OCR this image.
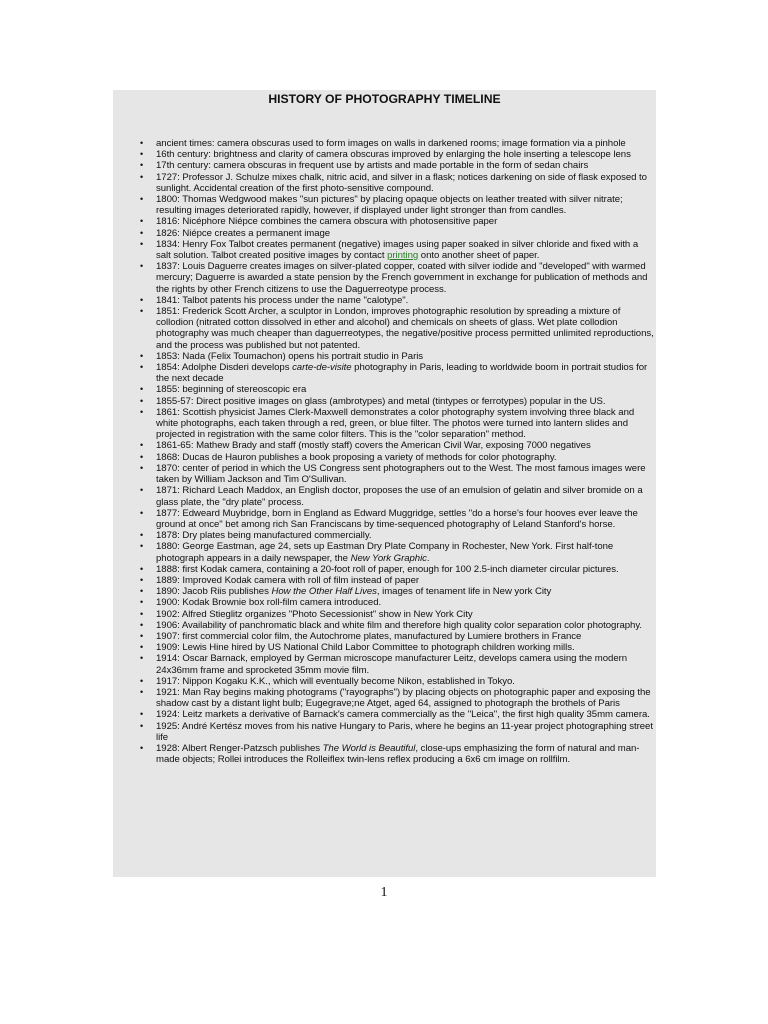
HISTORY OF PHOTOGRAPHY TIMELINE
• ancient times: camera obscuras used to form images on walls in darkened rooms; image formation via a pinhole
• 16th century: brightness and clarity of camera obscuras improved by enlarging the hole inserting a telescope lens
• 17th century: camera obscuras in frequent use by artists and made portable in the form of sedan chairs
• 1727: Professor J. Schulze mixes chalk, nitric acid, and silver in a flask; notices darkening on side of flask exposed to sunlight. Accidental creation of the first photo-sensitive compound.
• 1800: Thomas Wedgwood makes "sun pictures" by placing opaque objects on leather treated with silver nitrate; resulting images deteriorated rapidly, however, if displayed under light stronger than from candles.
• 1816: Nicéphore Niépce combines the camera obscura with photosensitive paper
• 1826: Niépce creates a permanent image
• 1834: Henry Fox Talbot creates permanent (negative) images using paper soaked in silver chloride and fixed with a salt solution. Talbot created positive images by contact printing onto another sheet of paper.
• 1837: Louis Daguerre creates images on silver-plated copper, coated with silver iodide and "developed" with warmed mercury; Daguerre is awarded a state pension by the French government in exchange for publication of methods and the rights by other French citizens to use the Daguerreotype process.
• 1841: Talbot patents his process under the name "calotype".
• 1851: Frederick Scott Archer, a sculptor in London, improves photographic resolution by spreading a mixture of collodion (nitrated cotton dissolved in ether and alcohol) and chemicals on sheets of glass. Wet plate collodion photography was much cheaper than daguerreotypes, the negative/positive process permitted unlimited reproductions, and the process was published but not patented.
• 1853: Nada (Felix Toumachon) opens his portrait studio in Paris
• 1854: Adolphe Disderi develops carte-de-visite photography in Paris, leading to worldwide boom in portrait studios for the next decade
• 1855: beginning of stereoscopic era
• 1855-57: Direct positive images on glass (ambrotypes) and metal (tintypes or ferrotypes) popular in the US.
• 1861: Scottish physicist James Clerk-Maxwell demonstrates a color photography system involving three black and white photographs, each taken through a red, green, or blue filter. The photos were turned into lantern slides and projected in registration with the same color filters. This is the "color separation" method.
• 1861-65: Mathew Brady and staff (mostly staff) covers the American Civil War, exposing 7000 negatives
• 1868: Ducas de Hauron publishes a book proposing a variety of methods for color photography.
• 1870: center of period in which the US Congress sent photographers out to the West. The most famous images were taken by William Jackson and Tim O'Sullivan.
• 1871: Richard Leach Maddox, an English doctor, proposes the use of an emulsion of gelatin and silver bromide on a glass plate, the "dry plate" process.
• 1877: Edweard Muybridge, born in England as Edward Muggridge, settles "do a horse's four hooves ever leave the ground at once" bet among rich San Franciscans by time-sequenced photography of Leland Stanford's horse.
• 1878: Dry plates being manufactured commercially.
• 1880: George Eastman, age 24, sets up Eastman Dry Plate Company in Rochester, New York. First half-tone photograph appears in a daily newspaper, the New York Graphic.
• 1888: first Kodak camera, containing a 20-foot roll of paper, enough for 100 2.5-inch diameter circular pictures.
• 1889: Improved Kodak camera with roll of film instead of paper
• 1890: Jacob Riis publishes How the Other Half Lives, images of tenament life in New york City
• 1900: Kodak Brownie box roll-film camera introduced.
• 1902: Alfred Stieglitz organizes "Photo Secessionist" show in New York City
• 1906: Availability of panchromatic black and white film and therefore high quality color separation color photography.
• 1907: first commercial color film, the Autochrome plates, manufactured by Lumiere brothers in France
• 1909: Lewis Hine hired by US National Child Labor Committee to photograph children working mills.
• 1914: Oscar Barnack, employed by German microscope manufacturer Leitz, develops camera using the modern 24x36mm frame and sprocketed 35mm movie film.
• 1917: Nippon Kogaku K.K., which will eventually become Nikon, established in Tokyo.
• 1921: Man Ray begins making photograms ("rayographs") by placing objects on photographic paper and exposing the shadow cast by a distant light bulb; Eugegrave;ne Atget, aged 64, assigned to photograph the brothels of Paris
• 1924: Leitz markets a derivative of Barnack's camera commercially as the "Leica", the first high quality 35mm camera.
• 1925: André Kertész moves from his native Hungary to Paris, where he begins an 11-year project photographing street life
• 1928: Albert Renger-Patzsch publishes The World is Beautiful, close-ups emphasizing the form of natural and man-made objects; Rollei introduces the Rolleiflex twin-lens reflex producing a 6x6 cm image on rollfilm.
1
